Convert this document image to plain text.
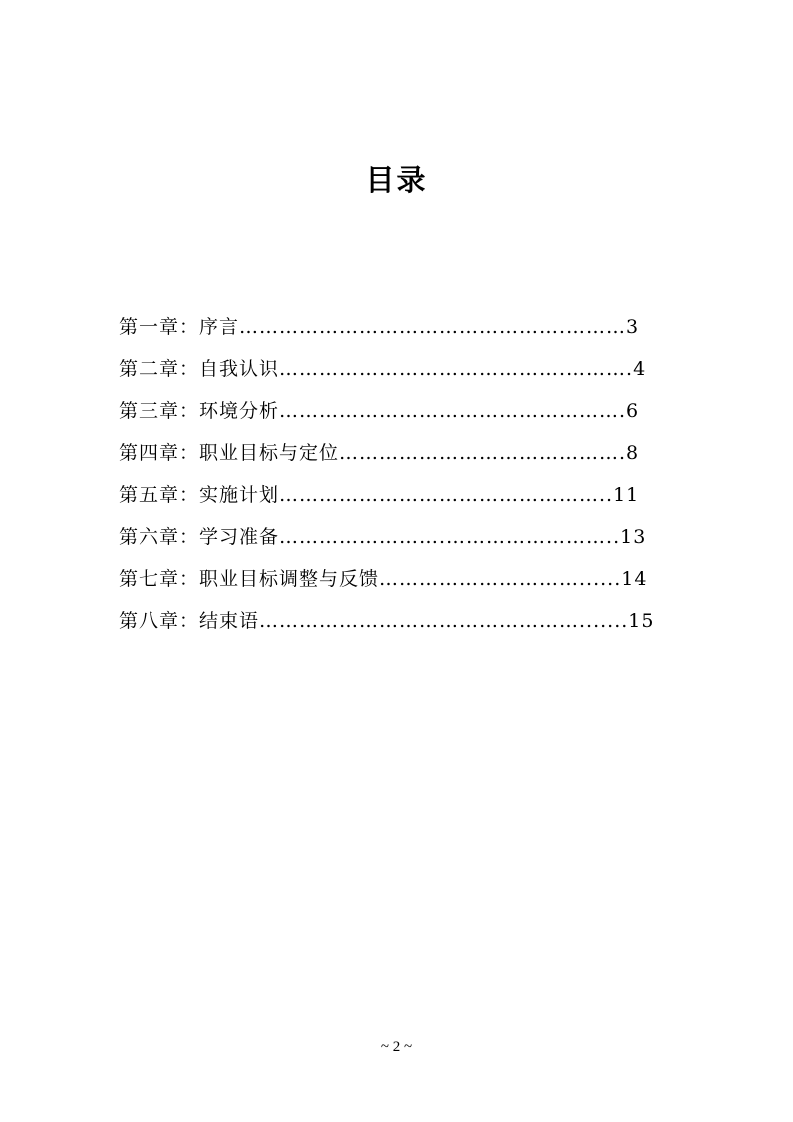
目录
第一章：序言………………………………………….………3
第二章：自我认识…………………………………….……….4
第三章：环境分析…………………………………………….6
第四章：职业目标与定位…………………………………….8
第五章：实施计划…………………………………………..11
第六章：学习准备…………………….……………………..13
第七章：职业目标调整与反馈…………………………......14
第八章：结束语………………………………………….......15
~ 2 ~
